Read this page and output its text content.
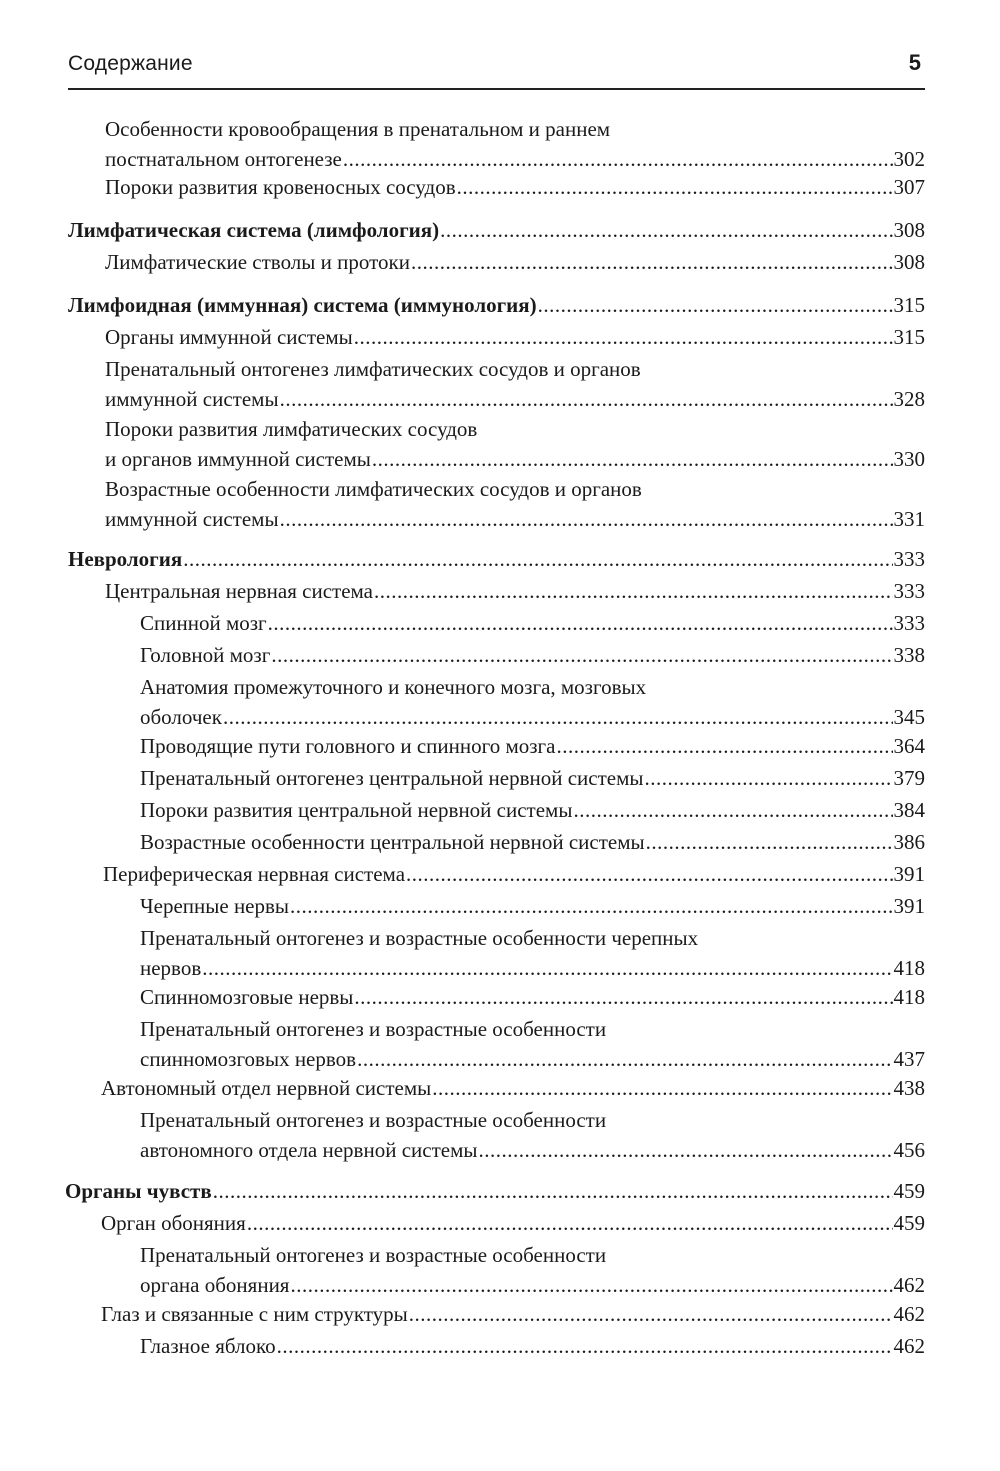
Содержание	5
Особенности кровообращения в пренатальном и раннем
постнатальном онтогенезе .....	302
Пороки развития кровеносных сосудов .....	307
Лимфатическая система (лимфология) .....	308
Лимфатические стволы и протоки .....	308
Лимфоидная (иммунная) система (иммунология) .....	315
Органы иммунной системы .....	315
Пренатальный онтогенез лимфатических сосудов и органов
иммунной системы .....	328
Пороки развития лимфатических сосудов
и органов иммунной системы .....	330
Возрастные особенности лимфатических сосудов и органов
иммунной системы .....	331
Неврология .....	333
Центральная нервная система .....	333
Спинной мозг .....	333
Головной мозг .....	338
Анатомия промежуточного и конечного мозга, мозговых
оболочек .....	345
Проводящие пути головного и спинного мозга .....	364
Пренатальный онтогенез центральной нервной системы .....	379
Пороки развития центральной нервной системы .....	384
Возрастные особенности центральной нервной системы .....	386
Периферическая нервная система .....	391
Черепные нервы .....	391
Пренатальный онтогенез и возрастные особенности черепных
нервов .....	418
Спинномозговые нервы .....	418
Пренатальный онтогенез и возрастные особенности
спинномозговых нервов .....	437
Автономный отдел нервной системы .....	438
Пренатальный онтогенез и возрастные особенности
автономного отдела нервной системы .....	456
Органы чувств .....	459
Орган обоняния .....	459
Пренатальный онтогенез и возрастные особенности
органа обоняния .....	462
Глаз и связанные с ним структуры .....	462
Глазное яблоко .....	462
